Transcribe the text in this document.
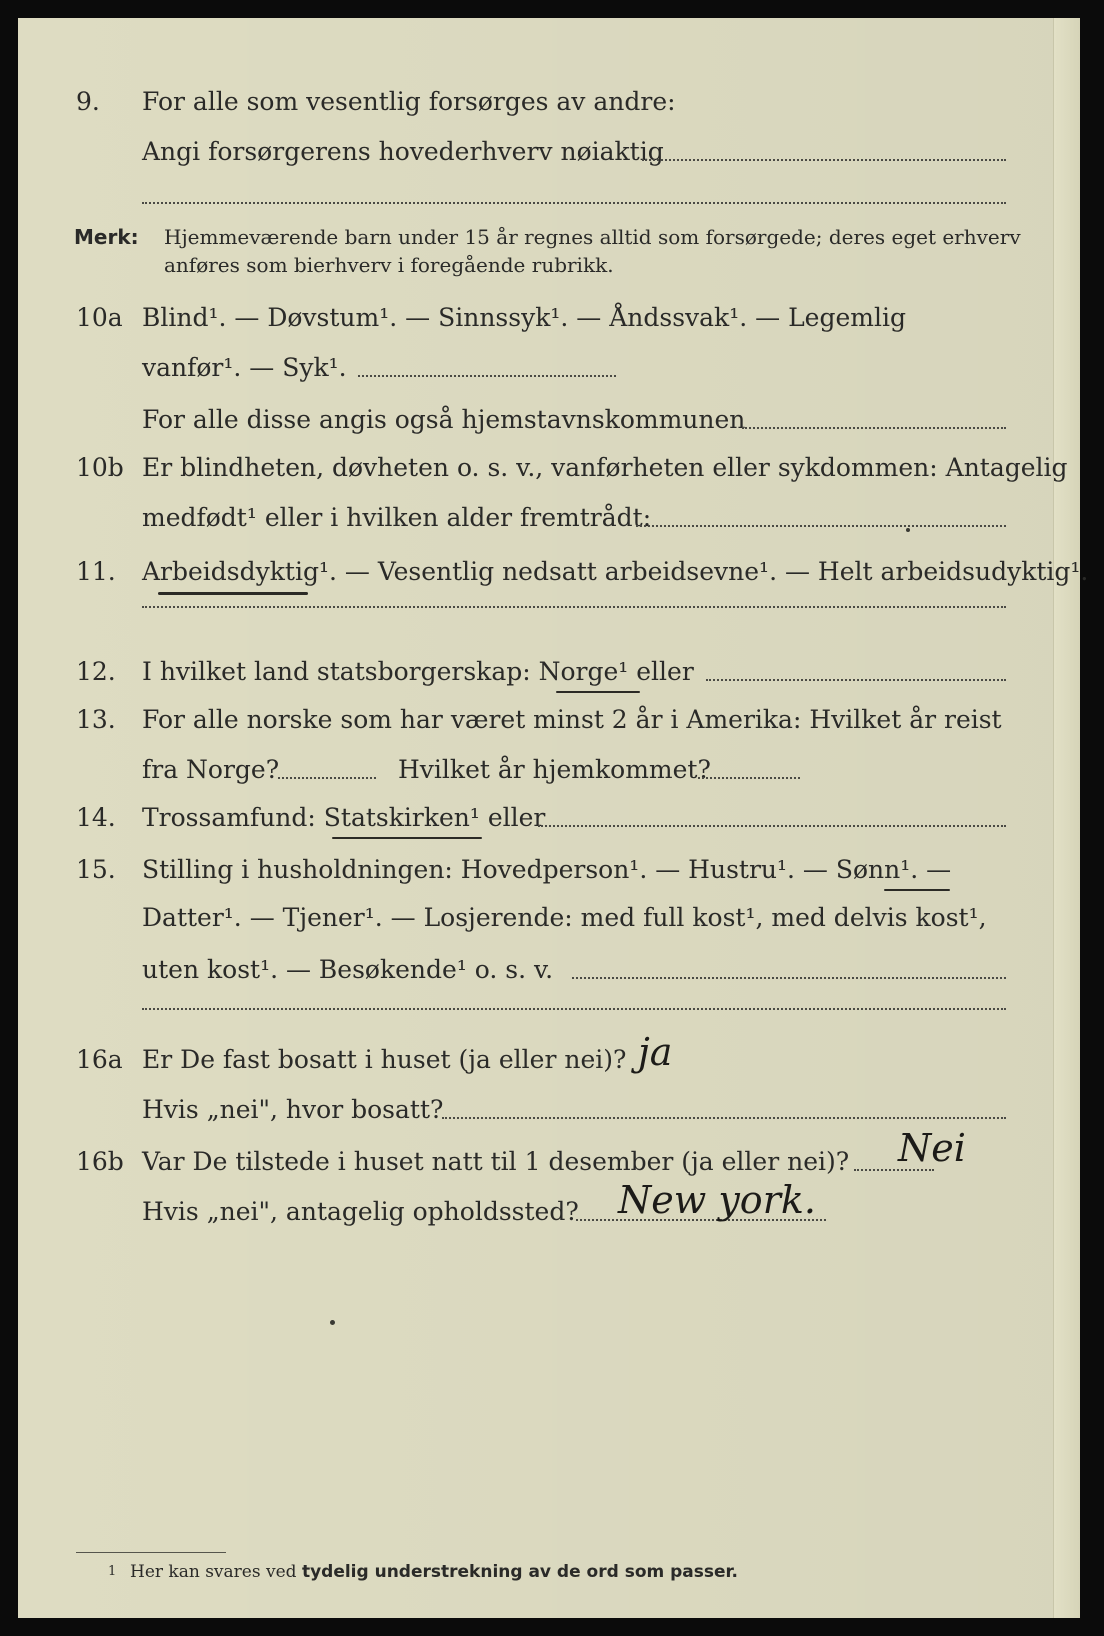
9. For alle som vesentlig forsørges av andre:
Angi forsørgerens hovederhverv nøiaktig
Merk: Hjemmeværende barn under 15 år regnes alltid som forsørgede; deres eget erhverv
anføres som bierhverv i foregående rubrikk.
10a Blind¹. — Døvstum¹. — Sinnssyk¹. — Åndssvak¹. — Legemlig
vanfør¹. — Syk¹.
For alle disse angis også hjemstavnskommunen
10b Er blindheten, døvheten o. s. v., vanførheten eller sykdommen: Antagelig
medfødt¹ eller i hvilken alder fremtrådt:
11. Arbeidsdyktig¹. — Vesentlig nedsatt arbeidsevne¹. — Helt arbeidsudyktig¹.
12. I hvilket land statsborgerskap: Norge¹ eller
13. For alle norske som har været minst 2 år i Amerika: Hvilket år reist
fra Norge?	Hvilket år hjemkommet?
14. Trossamfund: Statskirken¹ eller
15. Stilling i husholdningen: Hovedperson¹. — Hustru¹. — Sønn¹. —
Datter¹. — Tjener¹. — Losjerende: med full kost¹, med delvis kost¹,
uten kost¹. — Besøkende¹ o. s. v.
16a Er De fast bosatt i huset (ja eller nei)? ja
Hvis „nei", hvor bosatt?
16b Var De tilstede i huset natt til 1 desember (ja eller nei)? Nei
Hvis „nei", antagelig opholdssted? New york.
1 Her kan svares ved tydelig understrekning av de ord som passer.
